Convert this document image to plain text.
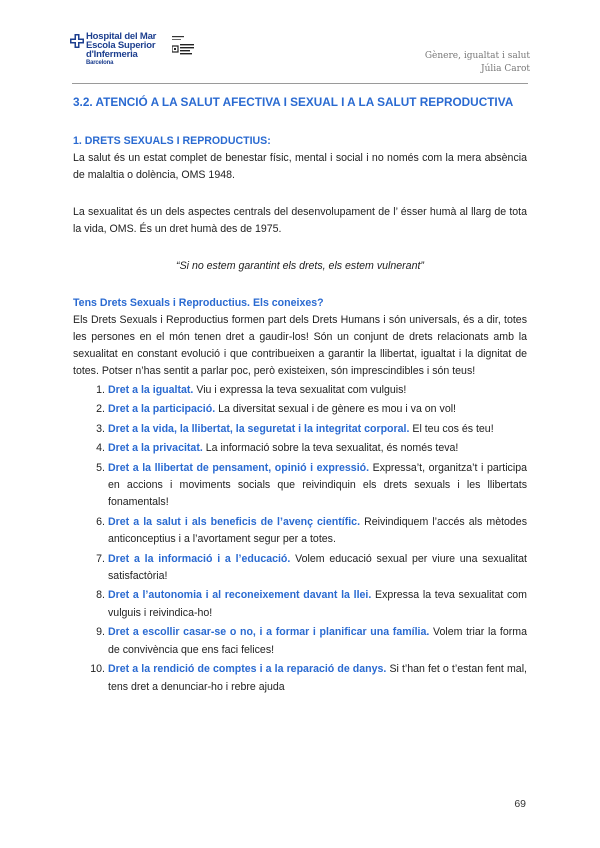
Hospital del Mar
Escola Superior
d'Infermeria
Barcelona
Gènere, igualtat i salut
Júlia Carot
3.2. ATENCIÓ A LA SALUT AFECTIVA I SEXUAL I A LA SALUT REPRODUCTIVA
1. DRETS SEXUALS I REPRODUCTIUS:

La salut és un estat complet de benestar físic, mental i social i no només com la mera absència de malaltia o dolència, OMS 1948.

La sexualitat és un dels aspectes centrals del desenvolupament de l’ ésser humà al llarg de tota la vida, OMS. És un dret humà des de 1975.

“Si no estem garantint els drets, els estem vulnerant”

Tens Drets Sexuals i Reproductius. Els coneixes?

Els Drets Sexuals i Reproductius formen part dels Drets Humans i són universals, és a dir, totes les persones en el món tenen dret a gaudir-los! Són un conjunt de drets relacionats amb la sexualitat en constant evolució i que contribueixen a garantir la llibertat, igualtat i la dignitat de totes. Potser n’has sentit a parlar poc, però existeixen, són imprescindibles i són teus!

1. Dret a la igualtat. Viu i expressa la teva sexualitat com vulguis!
2. Dret a la participació. La diversitat sexual i de gènere es mou i va on vol!
3. Dret a la vida, la llibertat, la seguretat i la integritat corporal. El teu cos és teu!
4. Dret a la privacitat. La informació sobre la teva sexualitat, és només teva!
5. Dret a la llibertat de pensament, opinió i expressió. Expressa’t, organitza’t i participa en accions i moviments socials que reivindiquin els drets sexuals i les llibertats fonamentals!
6. Dret a la salut i als beneficis de l’avenç científic. Reivindiquem l’accés als mètodes anticonceptius i a l’avortament segur per a totes.
7. Dret a la informació i a l’educació. Volem educació sexual per viure una sexualitat satisfactòria!
8. Dret a l’autonomia i al reconeixement davant la llei. Expressa la teva sexualitat com vulguis i reivindica-ho!
9. Dret a escollir casar-se o no, i a formar i planificar una família. Volem triar la forma de convivència que ens faci felices!
10. Dret a la rendició de comptes i a la reparació de danys. Si t’han fet o t’estan fent mal, tens dret a denunciar-ho i rebre ajuda
69
